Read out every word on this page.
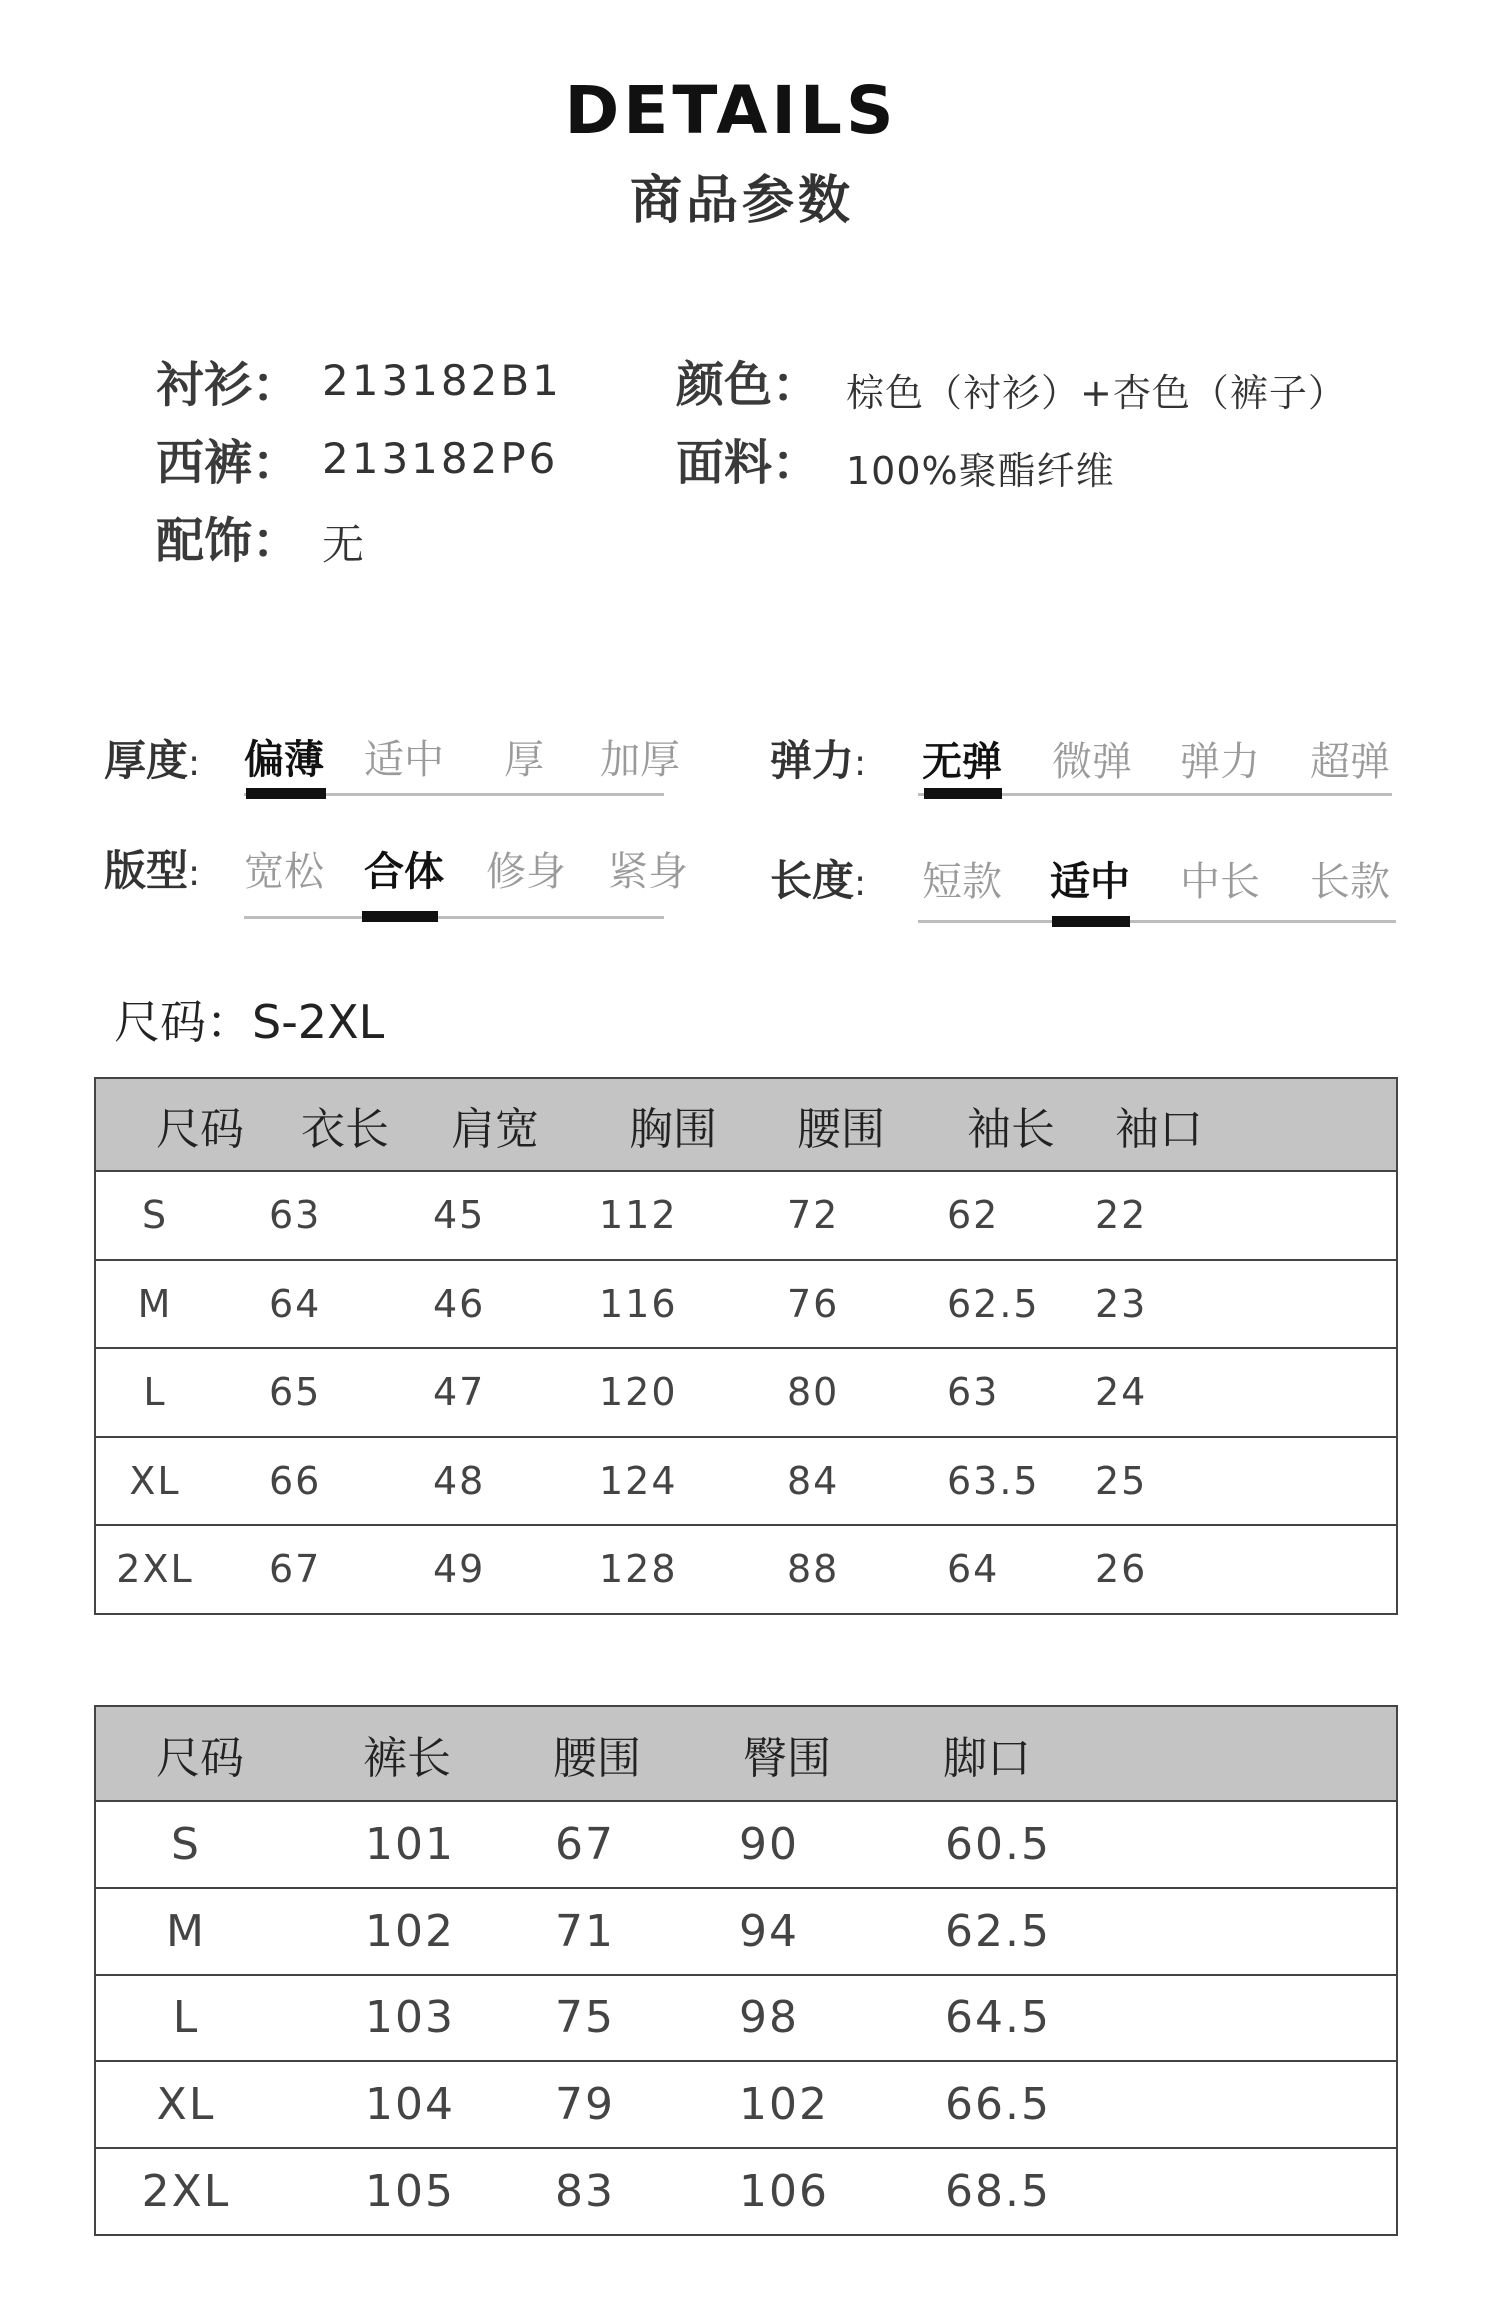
DETAILS
商品参数
衬衫： 213182B1
西裤： 213182P6
配饰： 无
颜色： 棕色（衬衫）+杏色（裤子）
面料： 100%聚酯纤维
厚度: 偏薄 适中	厚	加厚 弹力: 无弹 微弹 弹力 超弹
版型: 宽松 合体 修身 紧身 长度: 短款 适中 中长 长款
尺码：S-2XL
尺码	衣长	肩宽	胸围	腰围	袖长	袖口

S	63	45	112	72	62	22

M	64	46	116	76	62.5	23

L	65	47	120	80	63	24

XL	66	48	124	84	63.5	25

2XL	67	49	128	88	64	26
尺码	裤长	腰围	臀围	脚口

S	101	67	90	60.5

M	102	71	94	62.5

L	103	75	98	64.5

XL	104	79	102	66.5

2XL	105	83	106	68.5
